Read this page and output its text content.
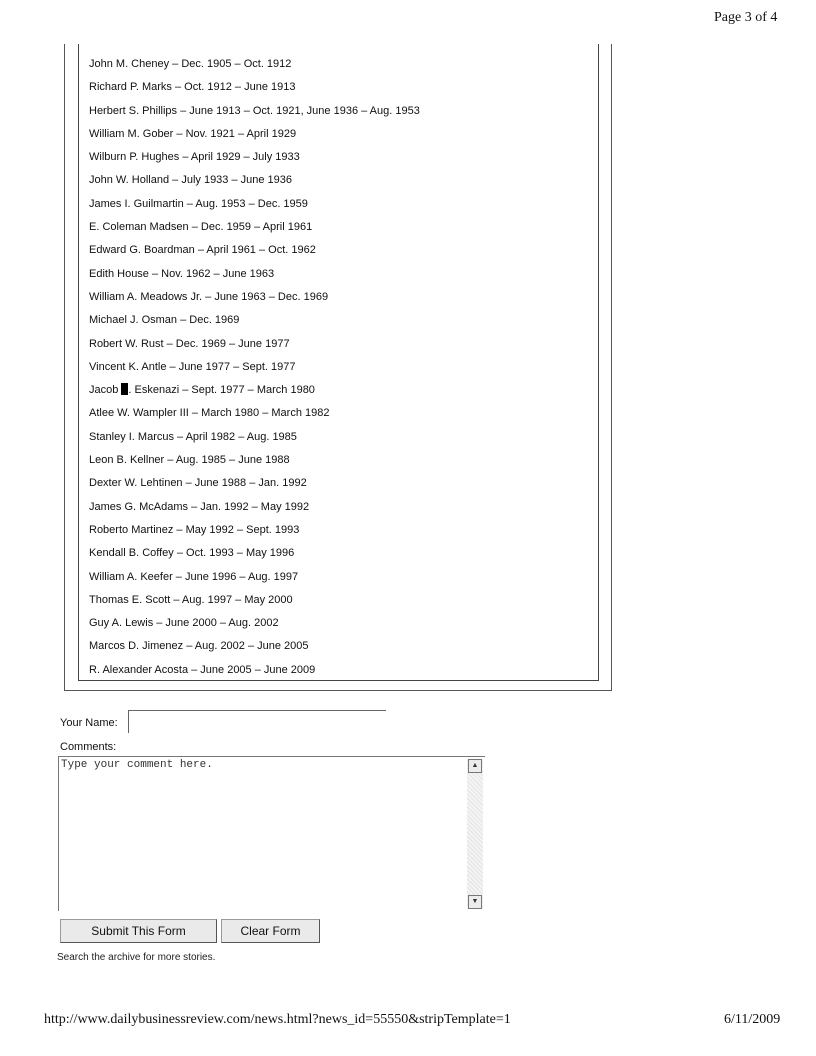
Page 3 of 4
John M. Cheney – Dec. 1905 – Oct. 1912
Richard P. Marks – Oct. 1912 – June 1913
Herbert S. Phillips – June 1913 – Oct. 1921, June 1936 – Aug. 1953
William M. Gober – Nov. 1921 – April 1929
Wilburn P. Hughes – April 1929 – July 1933
John W. Holland – July 1933 – June 1936
James I. Guilmartin – Aug. 1953 – Dec. 1959
E. Coleman Madsen – Dec. 1959 – April 1961
Edward G. Boardman – April 1961 – Oct. 1962
Edith House – Nov. 1962 – June 1963
William A. Meadows Jr. – June 1963 – Dec. 1969
Michael J. Osman – Dec. 1969
Robert W. Rust – Dec. 1969 – June 1977
Vincent K. Antle – June 1977 – Sept. 1977
Jacob . Eskenazi – Sept. 1977 – March 1980
Atlee W. Wampler III – March 1980 – March 1982
Stanley I. Marcus – April 1982 – Aug. 1985
Leon B. Kellner – Aug. 1985 – June 1988
Dexter W. Lehtinen – June 1988 – Jan. 1992
James G. McAdams – Jan. 1992 – May 1992
Roberto Martinez – May 1992 – Sept. 1993
Kendall B. Coffey – Oct. 1993 – May 1996
William A. Keefer – June 1996 – Aug. 1997
Thomas E. Scott – Aug. 1997 – May 2000
Guy A. Lewis – June 2000 – Aug. 2002
Marcos D. Jimenez – Aug. 2002 – June 2005
R. Alexander Acosta – June 2005 – June 2009
Your Name:
Comments:
Type your comment here.
▲
▼
Submit This Form	Clear Form
Search the archive for more stories.
http://www.dailybusinessreview.com/news.html?news_id=55550&stripTemplate=1	6/11/2009
